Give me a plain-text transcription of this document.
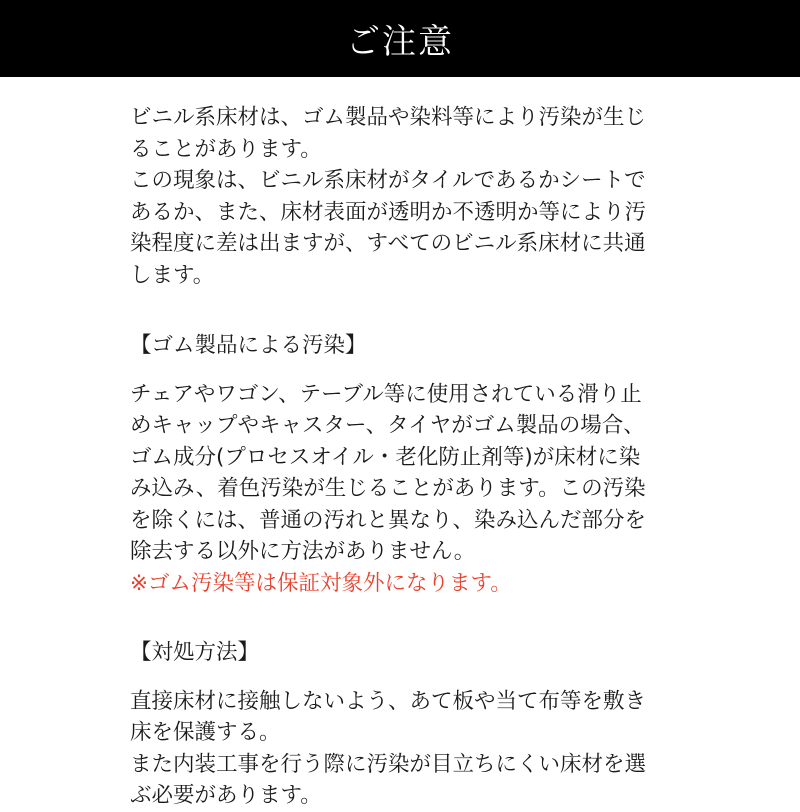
ご注意

ビニル系床材は、ゴム製品や染料等により汚染が生じ
ることがあります。
この現象は、ビニル系床材がタイルであるかシートで
あるか、また、床材表面が透明か不透明か等により汚
染程度に差は出ますが、すべてのビニル系床材に共通
します。

【ゴム製品による汚染】

チェアやワゴン、テーブル等に使用されている滑り止
めキャップやキャスター、タイヤがゴム製品の場合、
ゴム成分(プロセスオイル・老化防止剤等)が床材に染
み込み、着色汚染が生じることがあります。この汚染
を除くには、普通の汚れと異なり、染み込んだ部分を
除去する以外に方法がありません。
※ゴム汚染等は保証対象外になります。

【対処方法】

直接床材に接触しないよう、あて板や当て布等を敷き
床を保護する。
また内装工事を行う際に汚染が目立ちにくい床材を選
ぶ必要があります。
